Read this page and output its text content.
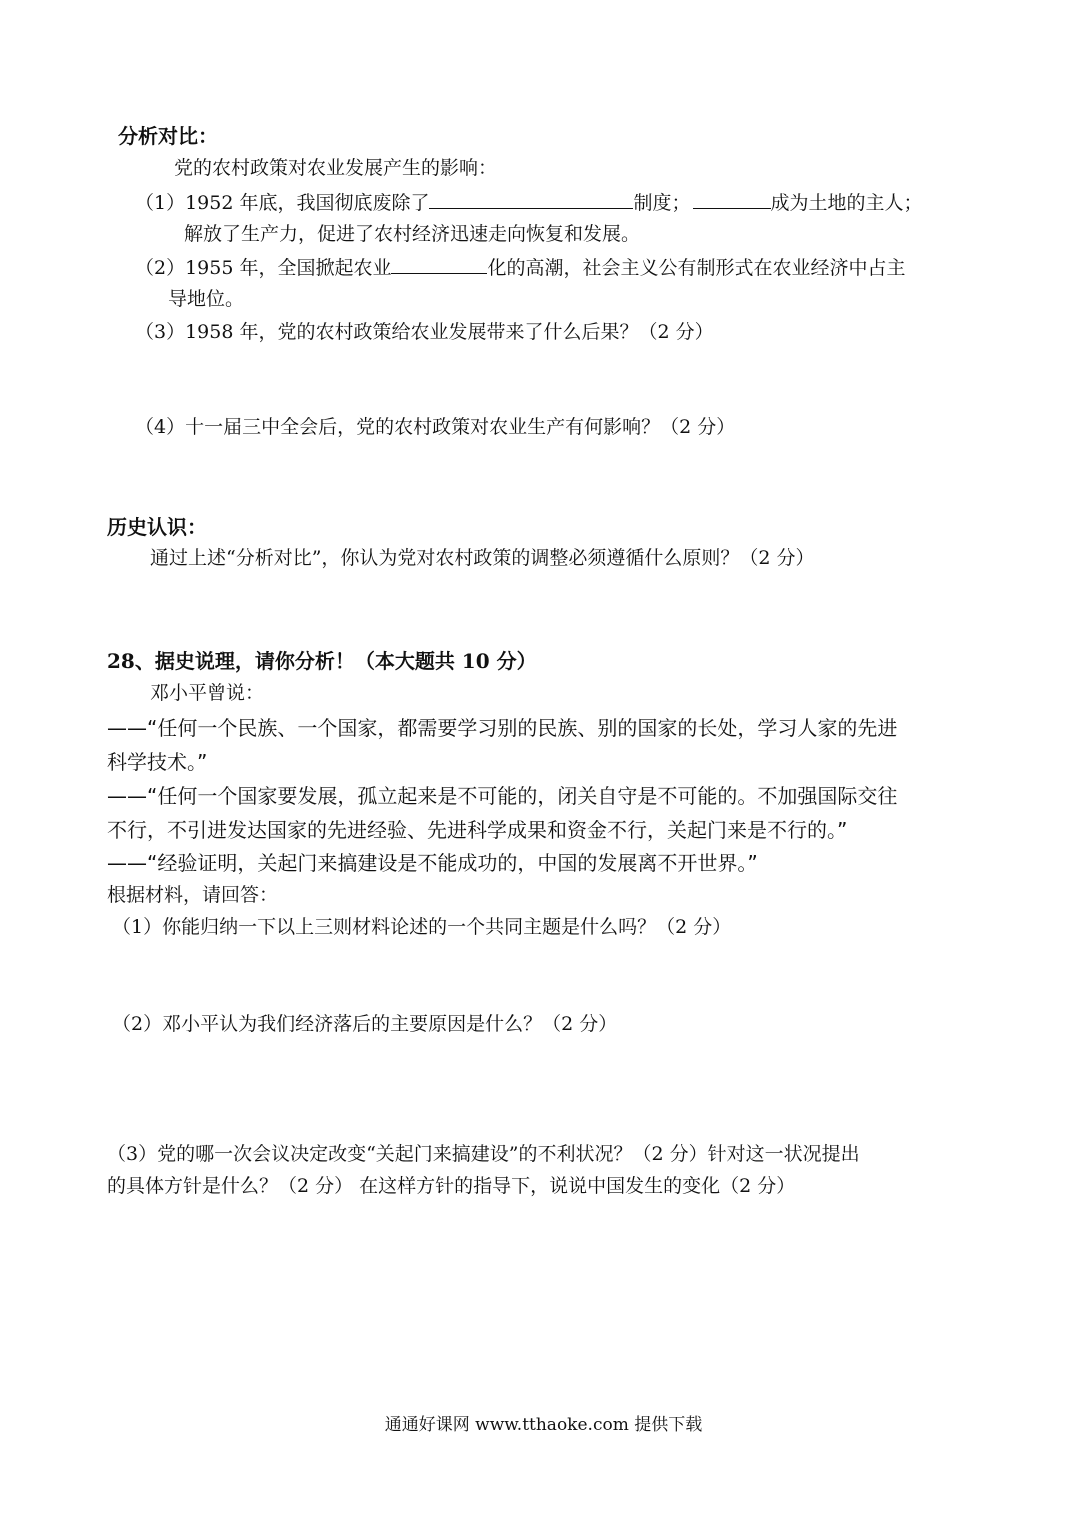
分析对比：
党的农村政策对农业发展产生的影响：
（1）1952 年底，我国彻底废除了	制度；	成为土地的主人；
解放了生产力，促进了农村经济迅速走向恢复和发展。
（2）1955 年，全国掀起农业	化的高潮，社会主义公有制形式在农业经济中占主
导地位。
（3）1958 年，党的农村政策给农业发展带来了什么后果？（2 分）
（4）十一届三中全会后，党的农村政策对农业生产有何影响？（2 分）
历史认识：
通过上述“分析对比”，你认为党对农村政策的调整必须遵循什么原则？（2 分）
28、据史说理，请你分析！（本大题共 10 分）
邓小平曾说：
——“任何一个民族、一个国家，都需要学习别的民族、别的国家的长处，学习人家的先进
科学技术。”
——“任何一个国家要发展，孤立起来是不可能的，闭关自守是不可能的。不加强国际交往
不行，不引进发达国家的先进经验、先进科学成果和资金不行，关起门来是不行的。”
——“经验证明，关起门来搞建设是不能成功的，中国的发展离不开世界。”
根据材料，请回答：
（1）你能归纳一下以上三则材料论述的一个共同主题是什么吗？（2 分）
（2）邓小平认为我们经济落后的主要原因是什么？（2 分）
（3）党的哪一次会议决定改变“关起门来搞建设”的不利状况？（2 分）针对这一状况提出
的具体方针是什么？（2 分） 在这样方针的指导下，说说中国发生的变化（2 分）
通通好课网 www.tthaoke.com 提供下载
